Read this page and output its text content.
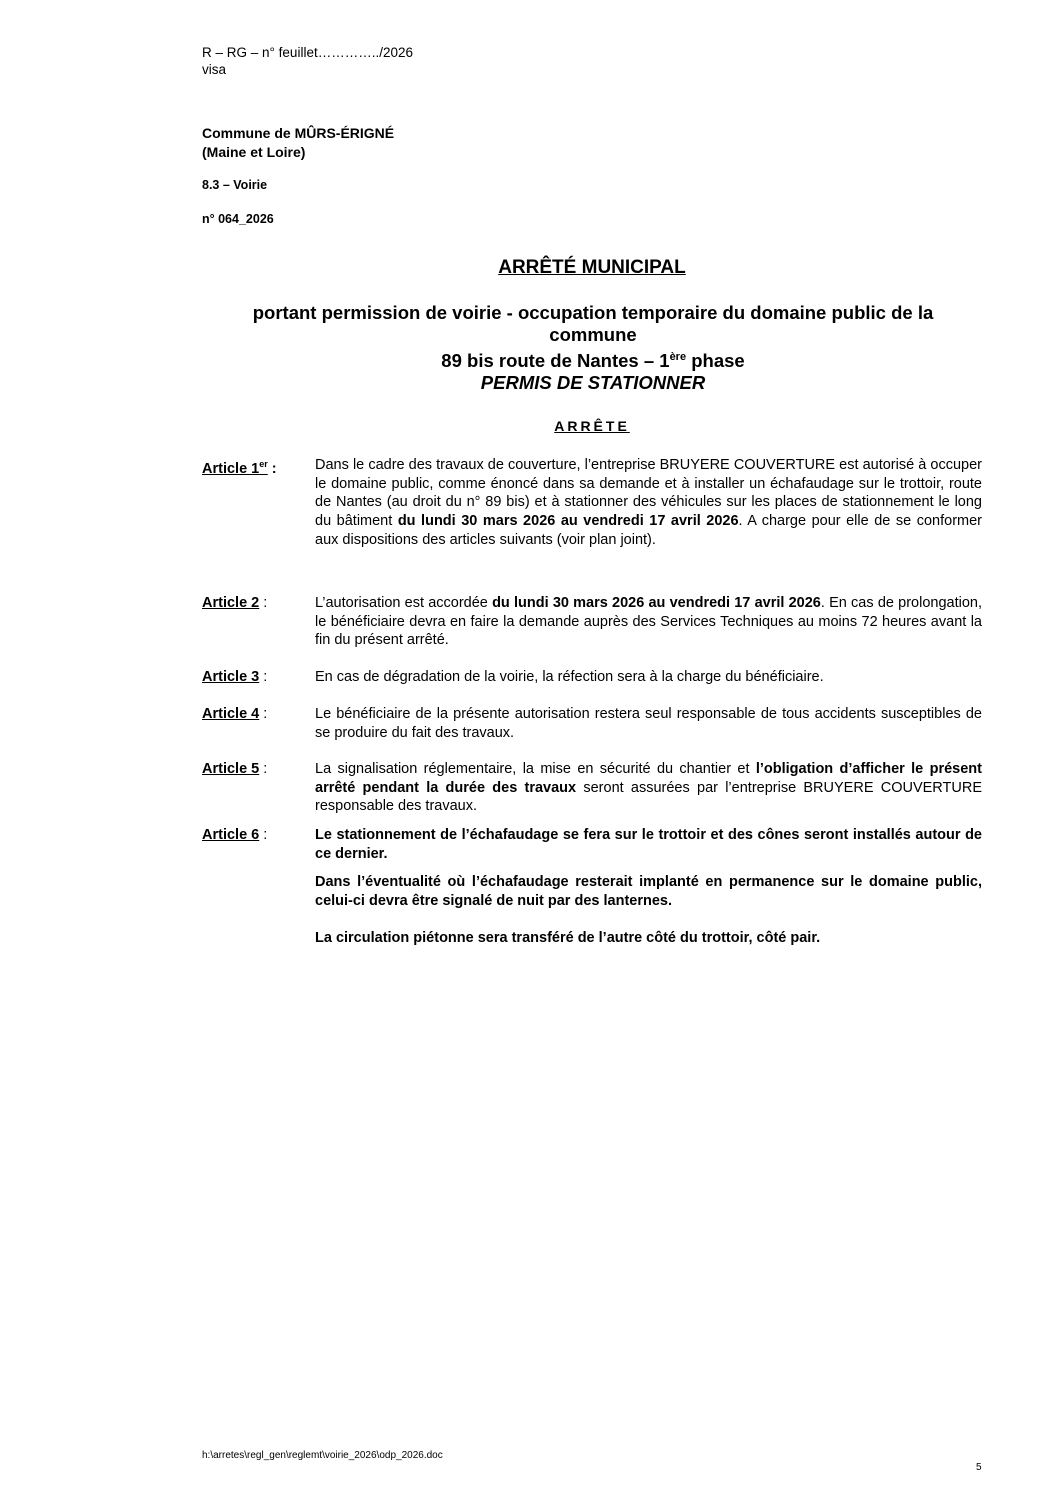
R – RG – n° feuillet…………../2026
visa
Commune de MÛRS-ÉRIGNÉ
(Maine et Loire)
8.3 – Voirie
n° 064_2026
ARRÊTÉ MUNICIPAL
portant permission de voirie - occupation temporaire du domaine public de la
commune
89 bis route de Nantes – 1ère phase
PERMIS DE STATIONNER
ARRÊTE
Article 1er :	Dans le cadre des travaux de couverture, l’entreprise BRUYERE COUVERTURE est autorisé à occuper le domaine public, comme énoncé dans sa demande et à installer un échafaudage sur le trottoir, route de Nantes (au droit du n° 89 bis) et à stationner des véhicules sur les places de stationnement le long du bâtiment du lundi 30 mars 2026 au vendredi 17 avril 2026. A charge pour elle de se conformer aux dispositions des articles suivants (voir plan joint).
Article 2 :	L’autorisation est accordée du lundi 30 mars 2026 au vendredi 17 avril 2026. En cas de prolongation, le bénéficiaire devra en faire la demande auprès des Services Techniques au moins 72 heures avant la fin du présent arrêté.
Article 3 :	En cas de dégradation de la voirie, la réfection sera à la charge du bénéficiaire.
Article 4 :	Le bénéficiaire de la présente autorisation restera seul responsable de tous accidents susceptibles de se produire du fait des travaux.
Article 5 :	La signalisation réglementaire, la mise en sécurité du chantier et l’obligation d’afficher le présent arrêté pendant la durée des travaux seront assurées par l’entreprise BRUYERE COUVERTURE responsable des travaux.
Article 6 :	Le stationnement de l’échafaudage se fera sur le trottoir et des cônes seront installés autour de ce dernier.
Dans l’éventualité où l’échafaudage resterait implanté en permanence sur le domaine public, celui-ci devra être signalé de nuit par des lanternes.
La circulation piétonne sera transféré de l’autre côté du trottoir, côté pair.
h:\arretes\regl_gen\reglemt\voirie_2026\odp_2026.doc
5
